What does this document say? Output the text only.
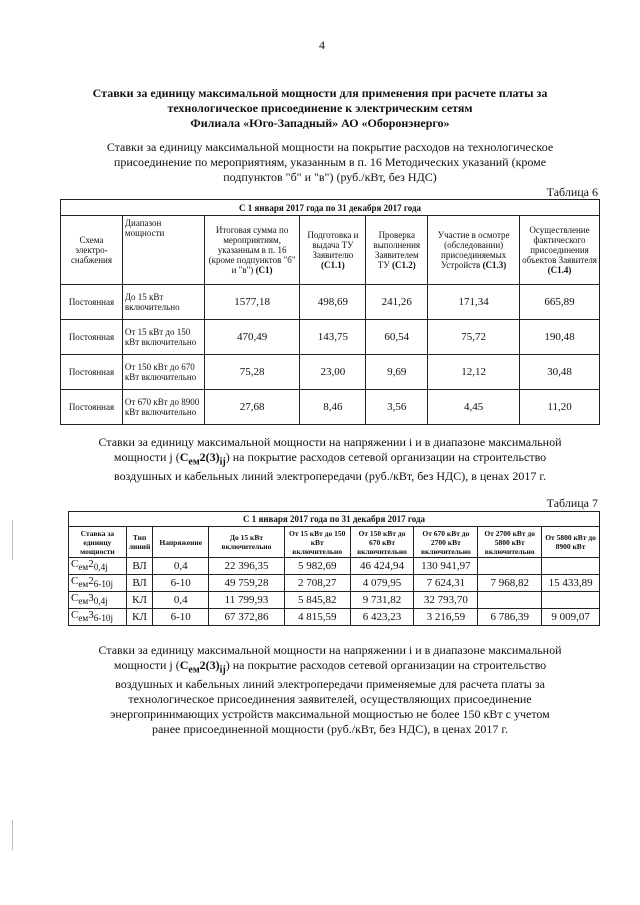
4
Ставки за единицу максимальной мощности для применения при расчете платы за
технологическое присоединение к электрическим сетям
Филиала «Юго-Западный» АО «Оборонэнерго»
Ставки за единицу максимальной мощности на покрытие расходов на технологическое
присоединение по мероприятиям, указанным в п. 16 Методических указаний (кроме
подпунктов "б" и "в") (руб./кВт, без НДС)
Таблица 6
С 1 января 2017 года по 31 декабря 2017 года						
Схема электро-снабжения	Диапазон мощности	Итоговая сумма по мероприятиям, указанным в п. 16 (кроме подпунктов "б" и "в") (С1)	Подготовка и выдача ТУ Заявителю (С1.1)	Проверка выполнения Заявителем ТУ (С1.2)	Участие в осмотре (обследовании) присоединяемых Устройств (С1.3)	Осуществление фактического присоединения объектов Заявителя (С1.4)
Постоянная	До 15 кВт включительно	1577,18	498,69	241,26	171,34	665,89
Постоянная	От 15 кВт до 150 кВт включительно	470,49	143,75	60,54	75,72	190,48
Постоянная	От 150 кВт до 670 кВт включительно	75,28	23,00	9,69	12,12	30,48
Постоянная	От 670 кВт до 8900 кВт включительно	27,68	8,46	3,56	4,45	11,20
Ставки за единицу максимальной мощности на напряжении i и в диапазоне максимальной
мощности j $(С_{ем}2(3)_{ij})$ на покрытие расходов сетевой организации на строительство
воздушных и кабельных линий электропередачи (руб./кВт, без НДС), в ценах 2017 г.
Таблица 7
С 1 января 2017 года по 31 декабря 2017 года								
Ставка за единицу мощности	Тип линий	Напряжение	До 15 кВт включительно	От 15 кВт до 150 кВт включительно	От 150 кВт до 670 кВт включительно	От 670 кВт до 2700 кВт включительно	От 2700 кВт до 5800 кВт включительно	От 5800 кВт до 8900 кВт
$С_{ем}2_{0,4j}$	ВЛ	0,4	22 396,35	5 982,69	46 424,94	130 941,97		
$С_{ем}2_{6-10j}$	ВЛ	6-10	49 759,28	2 708,27	4 079,95	7 624,31	7 968,82	15 433,89
$С_{ем}3_{0,4j}$	КЛ	0,4	11 799,93	5 845,82	9 731,82	32 793,70		
$С_{ем}3_{6-10j}$	КЛ	6-10	67 372,86	4 815,59	6 423,23	3 216,59	6 786,39	9 009,07
Ставки за единицу максимальной мощности на напряжении i и в диапазоне максимальной
мощности j $(С_{ем}2(3)_{ij})$ на покрытие расходов сетевой организации на строительство
воздушных и кабельных линий электропередачи применяемые для расчета платы за
технологическое присоединения заявителей, осуществляющих присоединение
энергопринимающих устройств максимальной мощностью не более 150 кВт с учетом
ранее присоединенной мощности (руб./кВт, без НДС), в ценах 2017 г.
